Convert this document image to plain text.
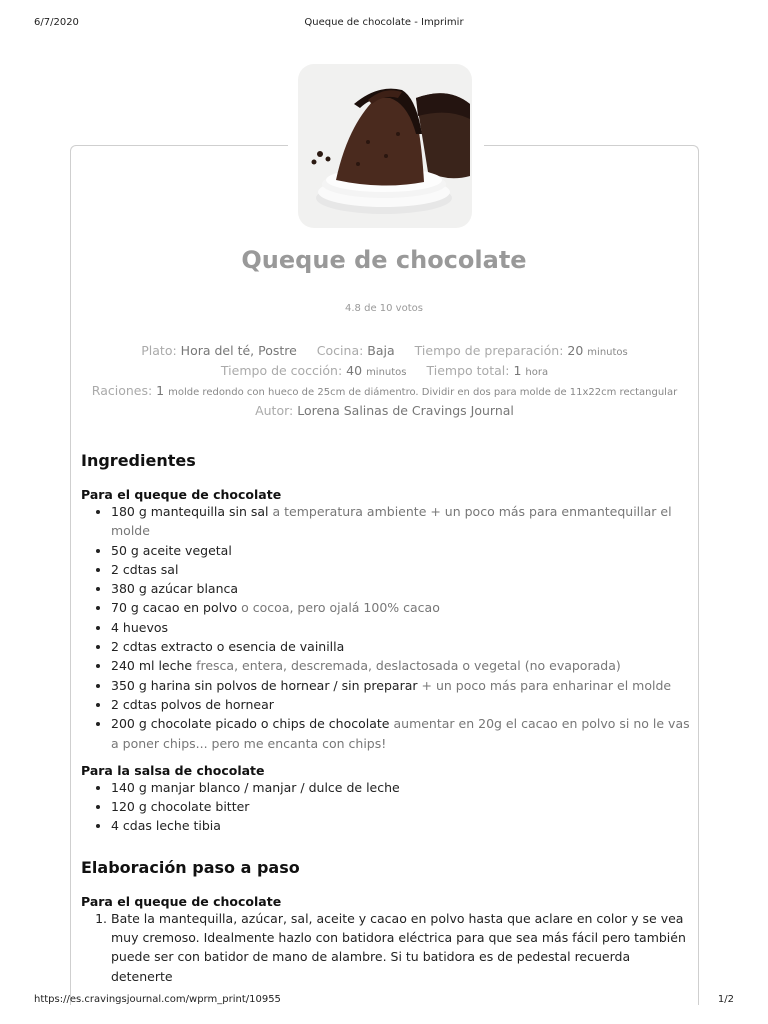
6/7/2020	Queque de chocolate - Imprimir
Queque de chocolate
4.8 de 10 votos
Plato: Hora del té, Postre Cocina: Baja Tiempo de preparación: 20 minutos
Tiempo de cocción: 40 minutos Tiempo total: 1 hora
Raciones: 1 molde redondo con hueco de 25cm de diámentro. Dividir en dos para molde de 11x22cm rectangular
Autor: Lorena Salinas de Cravings Journal
Ingredientes
Para el queque de chocolate
• 180 g mantequilla sin sal a temperatura ambiente + un poco más para enmantequillar el molde
• 50 g aceite vegetal
• 2 cdtas sal
• 380 g azúcar blanca
• 70 g cacao en polvo o cocoa, pero ojalá 100% cacao
• 4 huevos
• 2 cdtas extracto o esencia de vainilla
• 240 ml leche fresca, entera, descremada, deslactosada o vegetal (no evaporada)
• 350 g harina sin polvos de hornear / sin preparar + un poco más para enharinar el molde
• 2 cdtas polvos de hornear
• 200 g chocolate picado o chips de chocolate aumentar en 20g el cacao en polvo si no le vas a poner chips... pero me encanta con chips!
Para la salsa de chocolate
• 140 g manjar blanco / manjar / dulce de leche
• 120 g chocolate bitter
• 4 cdas leche tibia
Elaboración paso a paso
Para el queque de chocolate
1. Bate la mantequilla, azúcar, sal, aceite y cacao en polvo hasta que aclare en color y se vea muy cremoso. Idealmente hazlo con batidora eléctrica para que sea más fácil pero también puede ser con batidor de mano de alambre. Si tu batidora es de pedestal recuerda detenerte
https://es.cravingsjournal.com/wprm_print/10955	1/2
